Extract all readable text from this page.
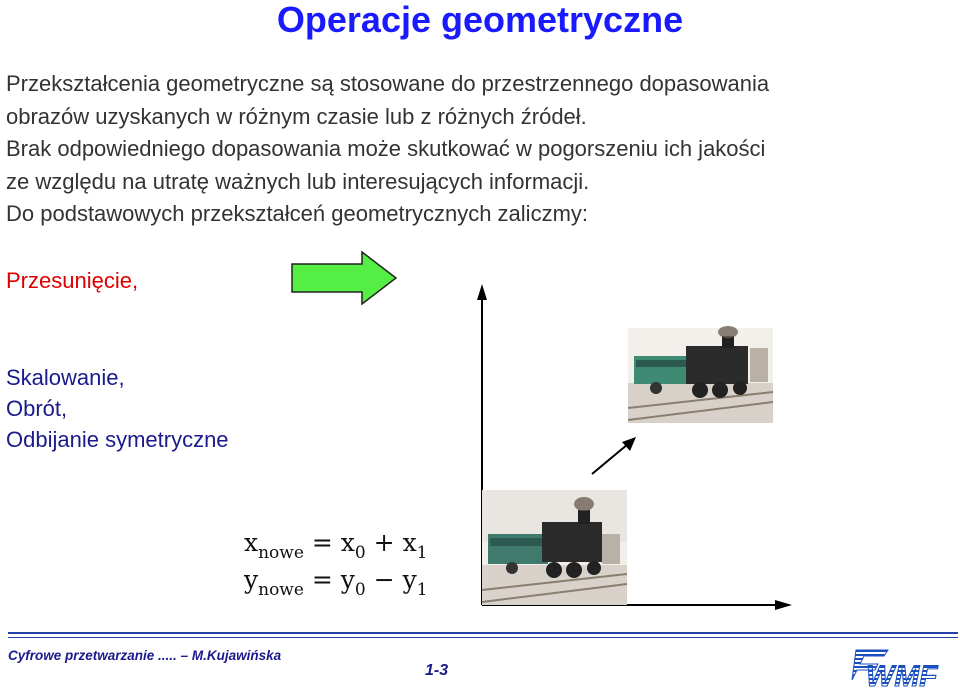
Operacje geometryczne
Przekształcenia geometryczne są stosowane do przestrzennego dopasowania
obrazów uzyskanych w różnym czasie lub z różnych źródeł.
Brak odpowiedniego dopasowania może skutkować w pogorszeniu ich jakości
ze względu na utratę ważnych lub interesujących informacji.
Do podstawowych przekształceń geometrycznych zaliczmy:
Przesunięcie,
Skalowanie,
Obrót,
Odbijanie symetryczne
$x_{nowe} = x_0 + x_1$
$y_{nowe} = y_0 - y_1$
Cyfrowe przetwarzanie ..... – M.Kujawińska
1-3	WMF
